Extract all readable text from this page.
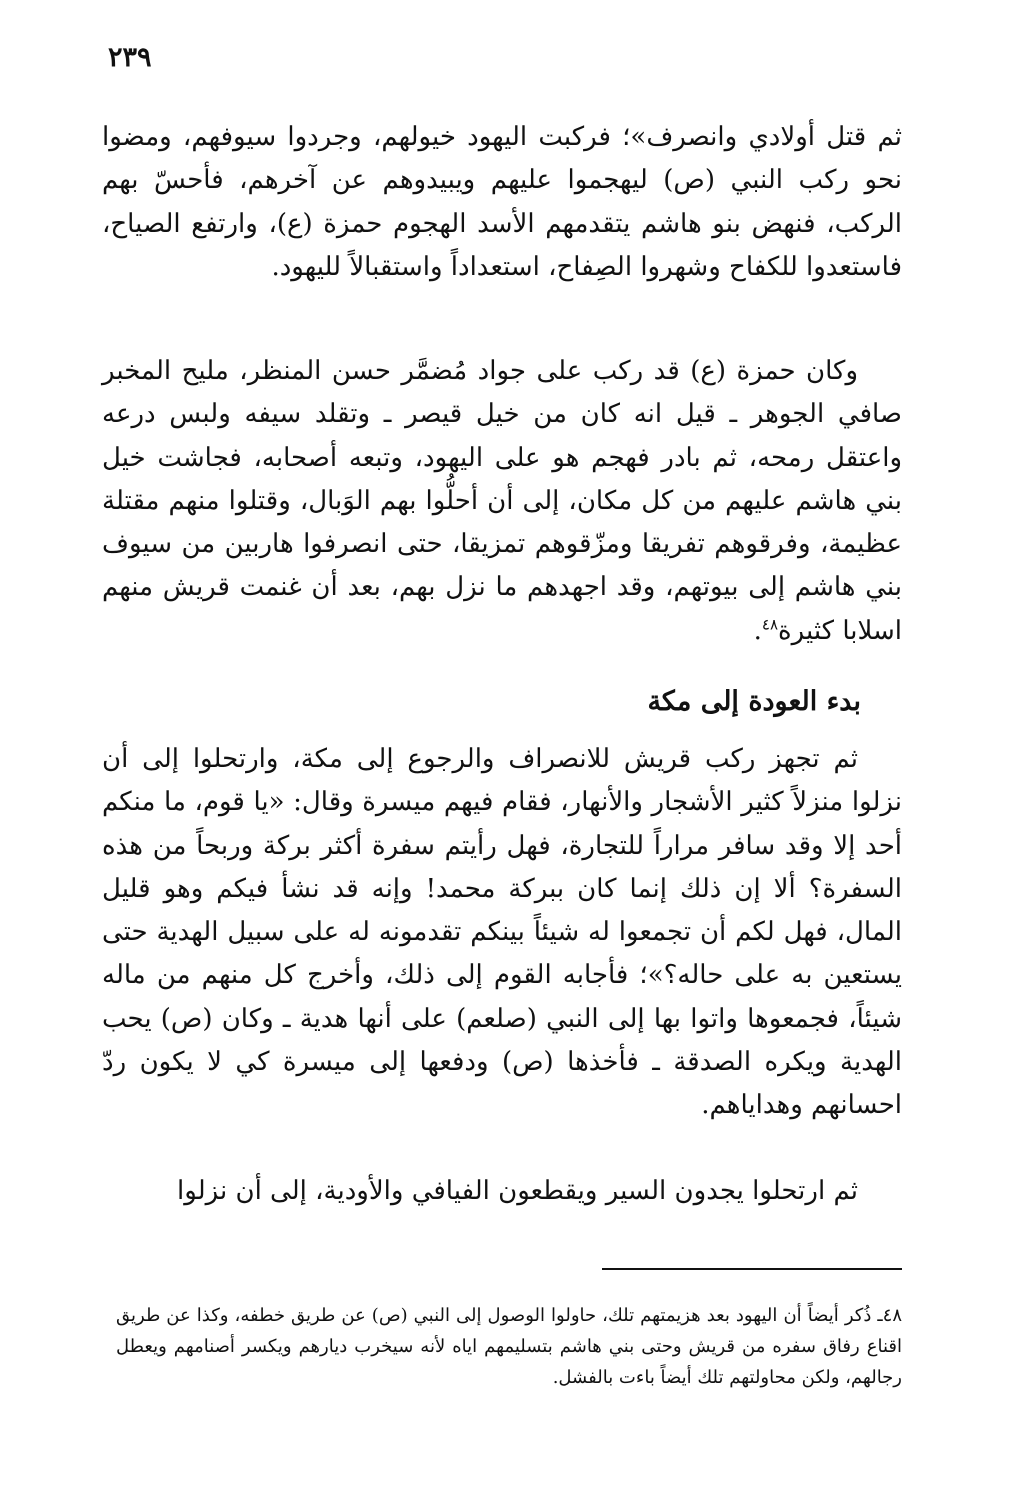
٢٣٩

ثم قتل أولادي وانصرف»؛ فركبت اليهود خيولهم، وجردوا سيوفهم، ومضوا نحو ركب النبي (ص) ليهجموا عليهم ويبيدوهم عن آخرهم، فأحسّ بهم الركب، فنهض بنو هاشم يتقدمهم الأسد الهجوم حمزة (ع)، وارتفع الصياح، فاستعدوا للكفاح وشهروا الصِفاح، استعداداً واستقبالاً لليهود.

وكان حمزة (ع) قد ركب على جواد مُضمَّر حسن المنظر، مليح المخبر صافي الجوهر ـ قيل انه كان من خيل قيصر ـ وتقلد سيفه ولبس درعه واعتقل رمحه، ثم بادر فهجم هو على اليهود، وتبعه أصحابه، فجاشت خيل بني هاشم عليهم من كل مكان، إلى أن أحلُّوا بهم الوَبال، وقتلوا منهم مقتلة عظيمة، وفرقوهم تفريقا ومزّقوهم تمزيقا، حتى انصرفوا هاربين من سيوف بني هاشم إلى بيوتهم، وقد اجهدهم ما نزل بهم، بعد أن غنمت قريش منهم اسلابا كثيرة$^{٤٨}$.

بدء العودة إلى مكة

ثم تجهز ركب قريش للانصراف والرجوع إلى مكة، وارتحلوا إلى أن نزلوا منزلاً كثير الأشجار والأنهار، فقام فيهم ميسرة وقال: «يا قوم، ما منكم أحد إلا وقد سافر مراراً للتجارة، فهل رأيتم سفرة أكثر بركة وربحاً من هذه السفرة؟ ألا إن ذلك إنما كان ببركة محمد! وإنه قد نشأ فيكم وهو قليل المال، فهل لكم أن تجمعوا له شيئاً بينكم تقدمونه له على سبيل الهدية حتى يستعين به على حاله؟»؛ فأجابه القوم إلى ذلك، وأخرج كل منهم من ماله شيئاً، فجمعوها واتوا بها إلى النبي (صلعم) على أنها هدية ـ وكان (ص) يحب الهدية ويكره الصدقة ـ فأخذها (ص) ودفعها إلى ميسرة كي لا يكون ردّ احسانهم وهداياهم.

ثم ارتحلوا يجدون السير ويقطعون الفيافي والأودية، إلى أن نزلوا

٤٨ـ ذُكر أيضاً أن اليهود بعد هزيمتهم تلك، حاولوا الوصول إلى النبي (ص) عن طريق خطفه، وكذا عن طريق اقناع رفاق سفره من قريش وحتى بني هاشم بتسليمهم اياه لأنه سيخرب ديارهم ويكسر أصنامهم ويعطل رجالهم، ولكن محاولتهم تلك أيضاً باءت بالفشل.
